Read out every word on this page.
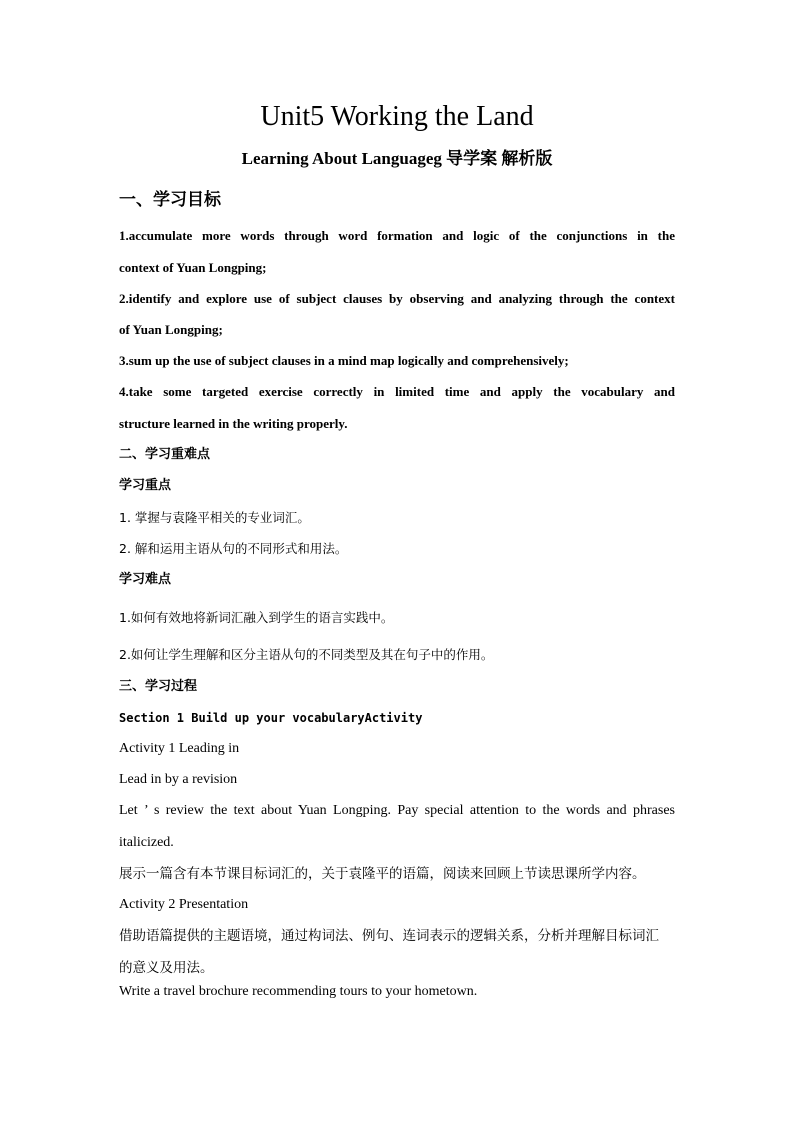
Unit5 Working the Land
Learning About Languageg 导学案 解析版
一、学习目标
1.accumulate more words through word formation and logic of the conjunctions in the
context of Yuan Longping;
2.identify and explore use of subject clauses by observing and analyzing through the context
of Yuan Longping;
3.sum up the use of subject clauses in a mind map logically and comprehensively;
4.take some targeted exercise correctly in limited time and apply the vocabulary and
structure learned in the writing properly.
二、学习重难点
学习重点
1. 掌握与袁隆平相关的专业词汇。
2. 解和运用主语从句的不同形式和用法。
学习难点
1.如何有效地将新词汇融入到学生的语言实践中。
2.如何让学生理解和区分主语从句的不同类型及其在句子中的作用。
三、学习过程
Section 1 Build up your vocabularyActivity
Activity 1 Leading in
Lead in by a revision
Let ’ s review the text about Yuan Longping. Pay special attention to the words and phrases
italicized.
展示一篇含有本节课目标词汇的，关于袁隆平的语篇，阅读来回顾上节读思课所学内容。
Activity 2 Presentation
借助语篇提供的主题语境，通过构词法、例句、连词表示的逻辑关系，分析并理解目标词汇
的意义及用法。
Write a travel brochure recommending tours to your hometown.
